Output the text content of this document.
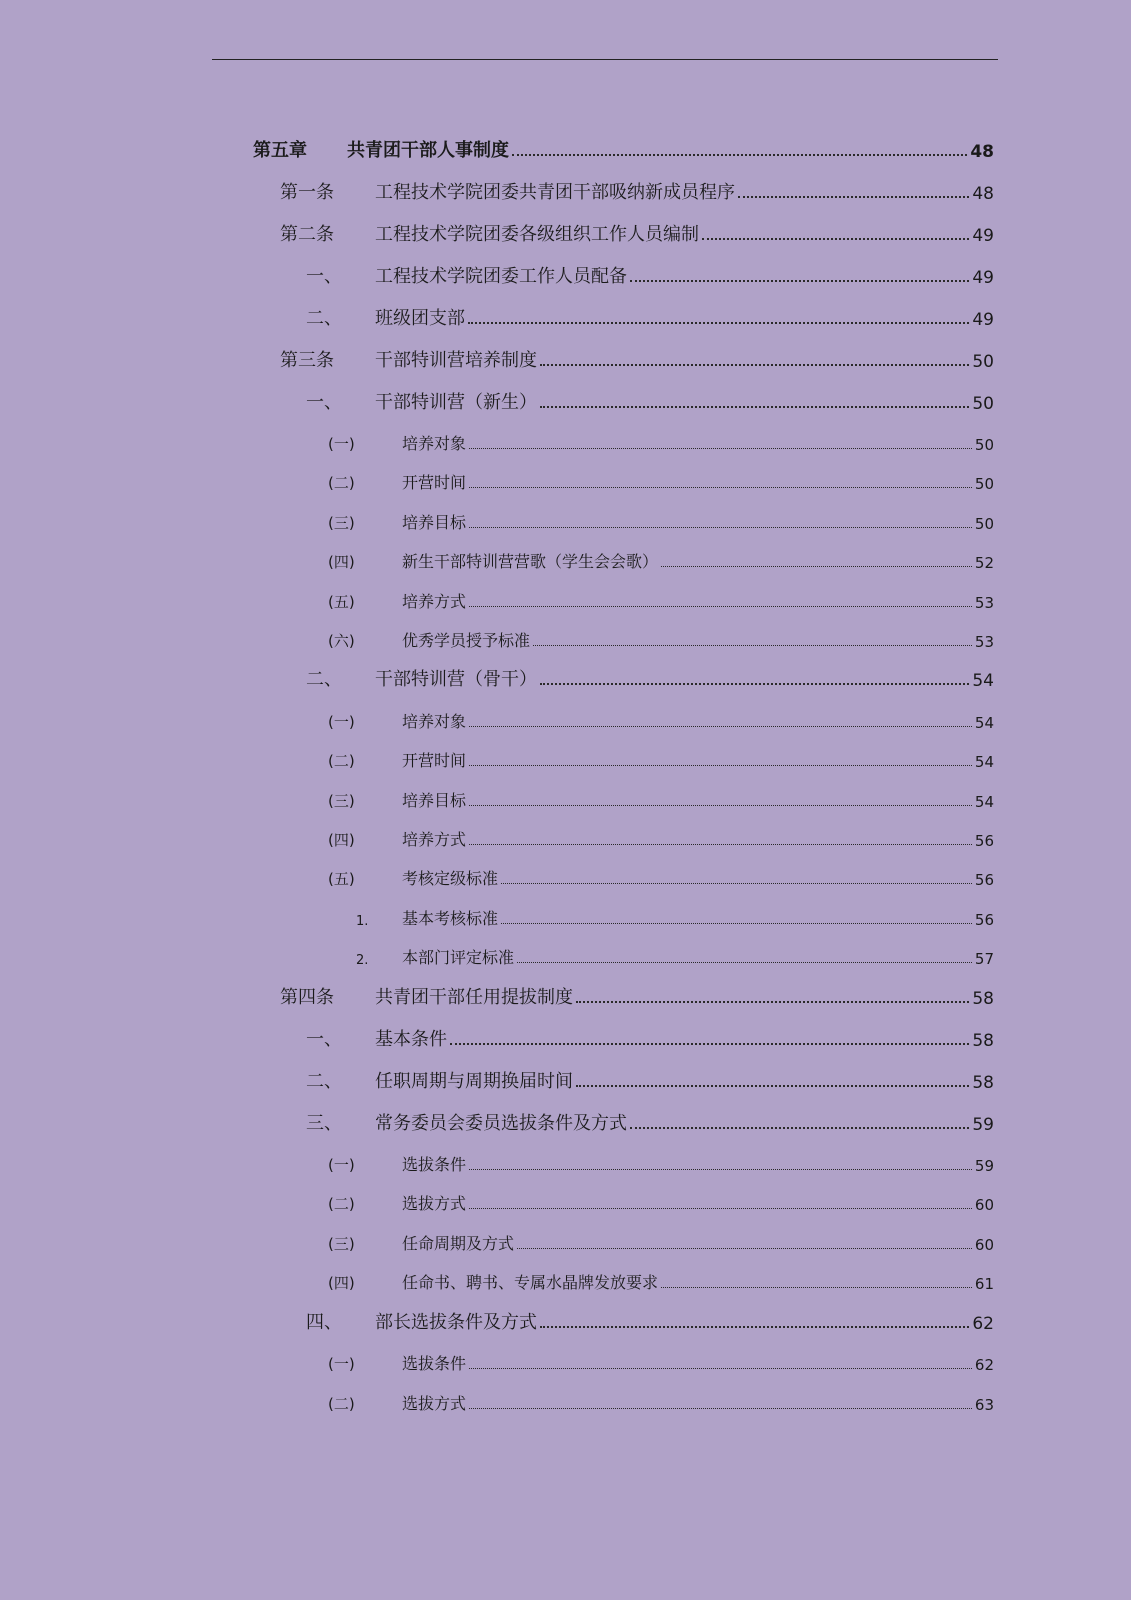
第五章	共青团干部人事制度	48
第一条	工程技术学院团委共青团干部吸纳新成员程序	48
第二条	工程技术学院团委各级组织工作人员编制	49
一、	工程技术学院团委工作人员配备	49
二、	班级团支部	49
第三条	干部特训营培养制度	50
一、	干部特训营（新生）	50
(一)	培养对象	50
(二)	开营时间	50
(三)	培养目标	50
(四)	新生干部特训营营歌（学生会会歌）	52
(五)	培养方式	53
(六)	优秀学员授予标准	53
二、	干部特训营（骨干）	54
(一)	培养对象	54
(二)	开营时间	54
(三)	培养目标	54
(四)	培养方式	56
(五)	考核定级标准	56
1.	基本考核标准	56
2.	本部门评定标准	57
第四条	共青团干部任用提拔制度	58
一、	基本条件	58
二、	任职周期与周期换届时间	58
三、	常务委员会委员选拔条件及方式	59
(一)	选拔条件	59
(二)	选拔方式	60
(三)	任命周期及方式	60
(四)	任命书、聘书、专属水晶牌发放要求	61
四、	部长选拔条件及方式	62
(一)	选拔条件	62
(二)	选拔方式	63
